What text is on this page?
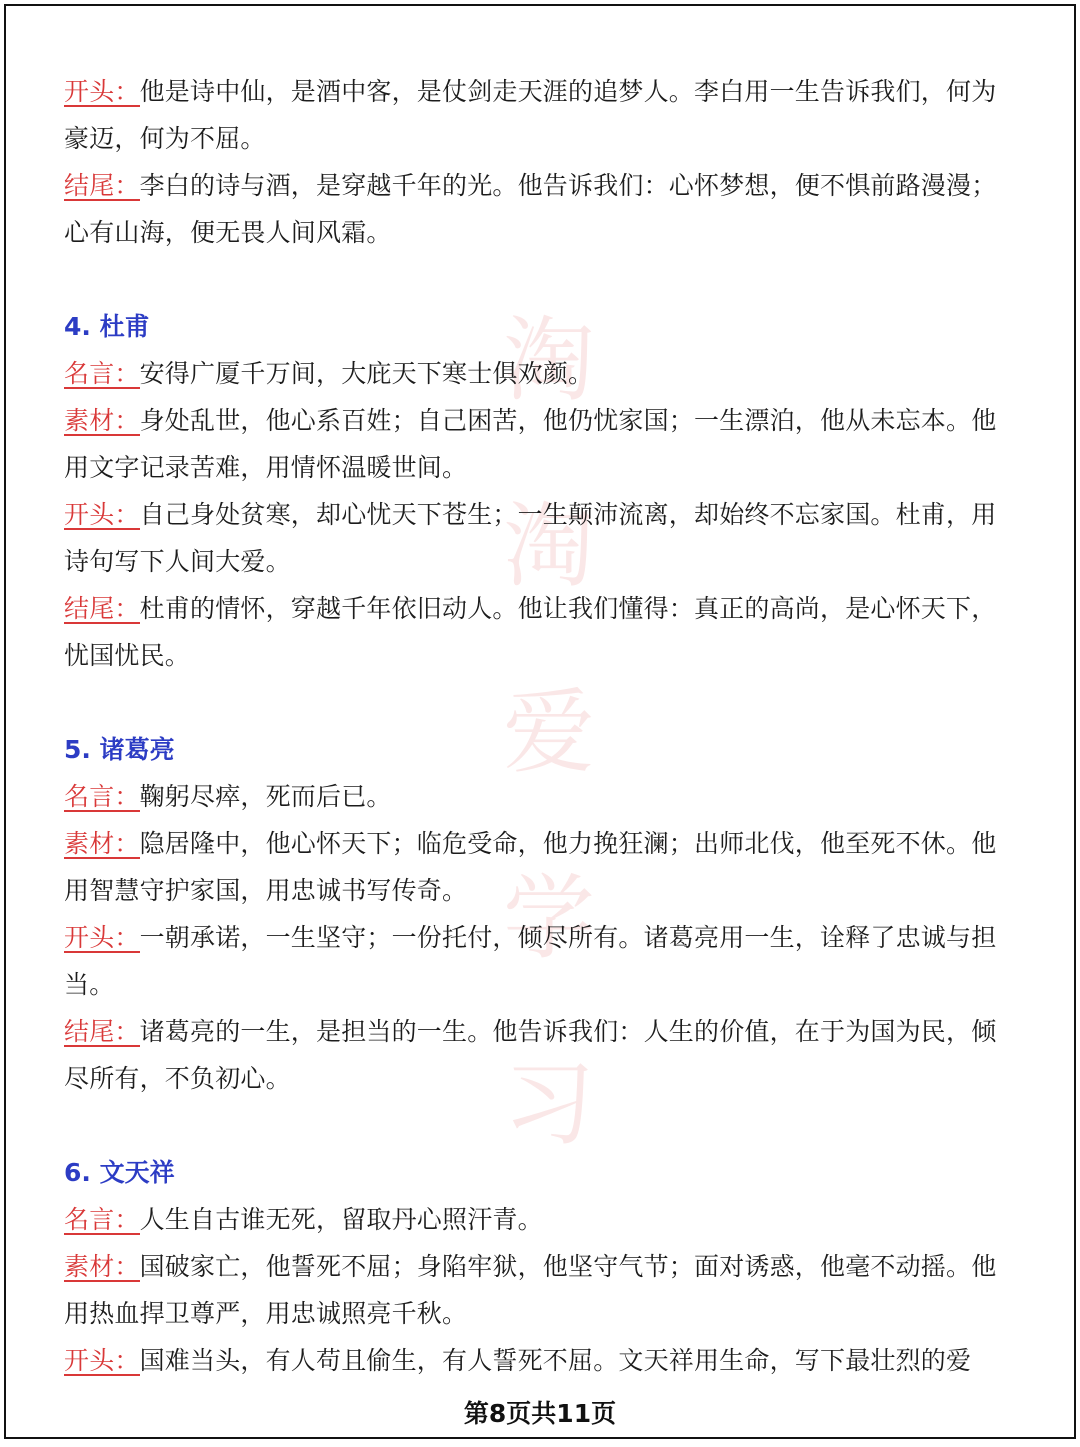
淘
淘
爱
学
习

开头：他是诗中仙，是酒中客，是仗剑走天涯的追梦人。李白用一生告诉我们，何为豪迈，何为不屈。

结尾：李白的诗与酒，是穿越千年的光。他告诉我们：心怀梦想，便不惧前路漫漫；心有山海，便无畏人间风霜。

4. 杜甫

名言：安得广厦千万间，大庇天下寒士俱欢颜。

素材：身处乱世，他心系百姓；自己困苦，他仍忧家国；一生漂泊，他从未忘本。他用文字记录苦难，用情怀温暖世间。

开头：自己身处贫寒，却心忧天下苍生；一生颠沛流离，却始终不忘家国。杜甫，用诗句写下人间大爱。

结尾：杜甫的情怀，穿越千年依旧动人。他让我们懂得：真正的高尚，是心怀天下，忧国忧民。

5. 诸葛亮

名言：鞠躬尽瘁，死而后已。

素材：隐居隆中，他心怀天下；临危受命，他力挽狂澜；出师北伐，他至死不休。他用智慧守护家国，用忠诚书写传奇。

开头：一朝承诺，一生坚守；一份托付，倾尽所有。诸葛亮用一生，诠释了忠诚与担当。

结尾：诸葛亮的一生，是担当的一生。他告诉我们：人生的价值，在于为国为民，倾尽所有，不负初心。

6. 文天祥

名言：人生自古谁无死，留取丹心照汗青。

素材：国破家亡，他誓死不屈；身陷牢狱，他坚守气节；面对诱惑，他毫不动摇。他用热血捍卫尊严，用忠诚照亮千秋。

开头：国难当头，有人苟且偷生，有人誓死不屈。文天祥用生命，写下最壮烈的爱

第8页共11页
